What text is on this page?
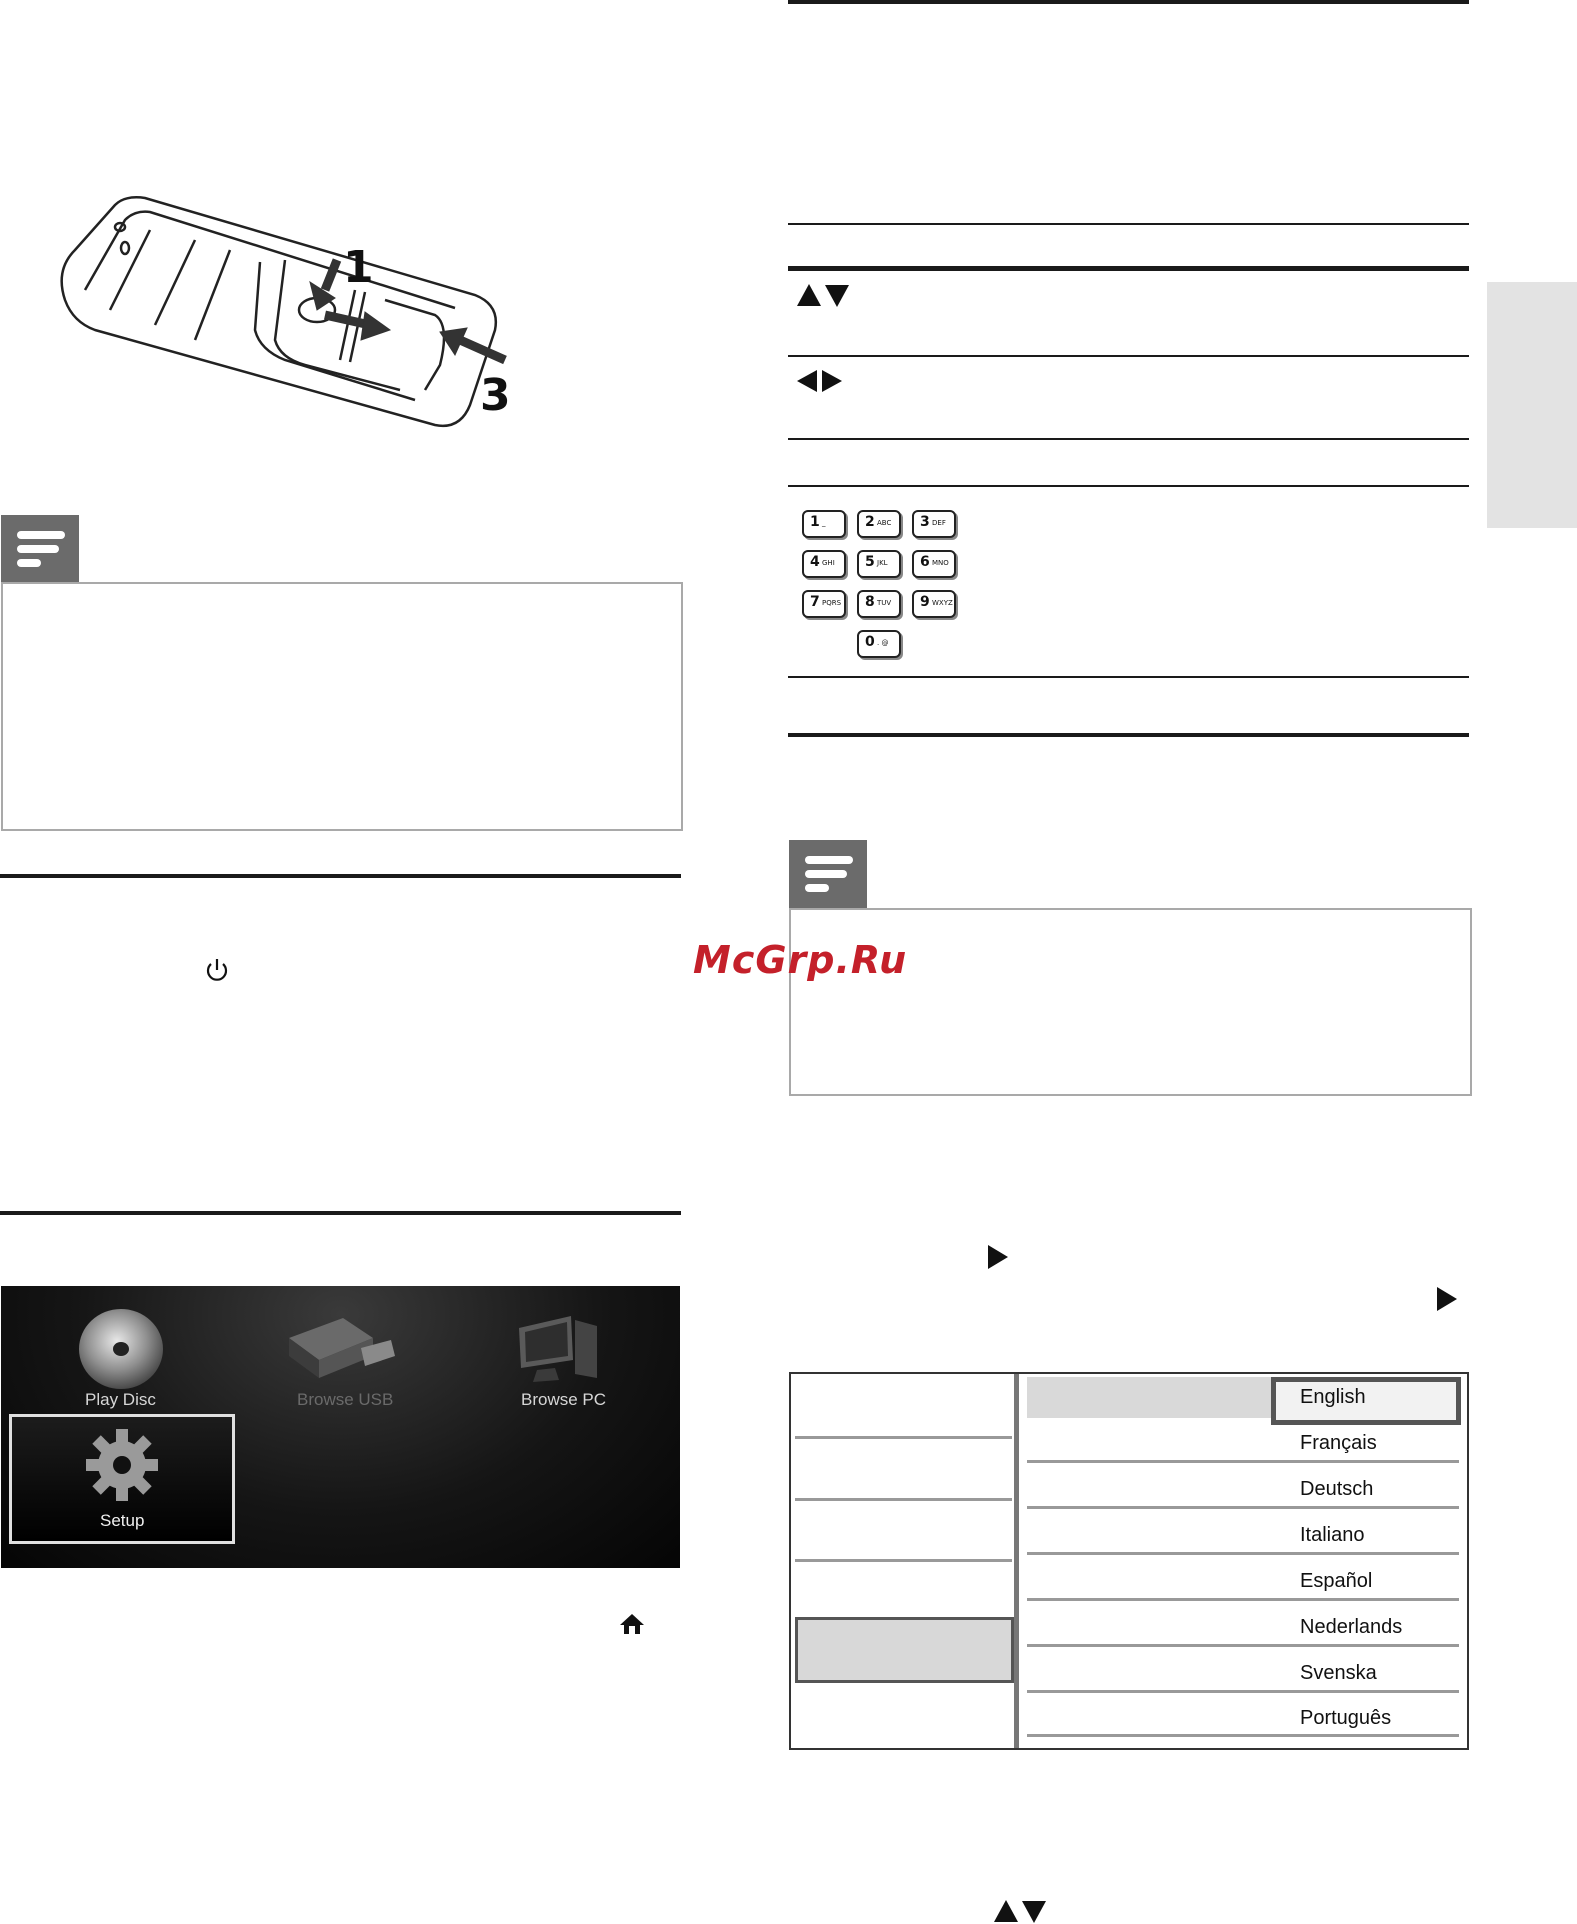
1
3
Play Disc	Browse USB	Browse PC
Setup
1 _	2 ABC 3 DEF
4 GHI 5 JKL 6 MNO
7 PQRS 8 TUV 9 WXYZ
0 . @
McGrp.Ru
English
Français
Deutsch
Italiano
Español
Nederlands
Svenska
Português
